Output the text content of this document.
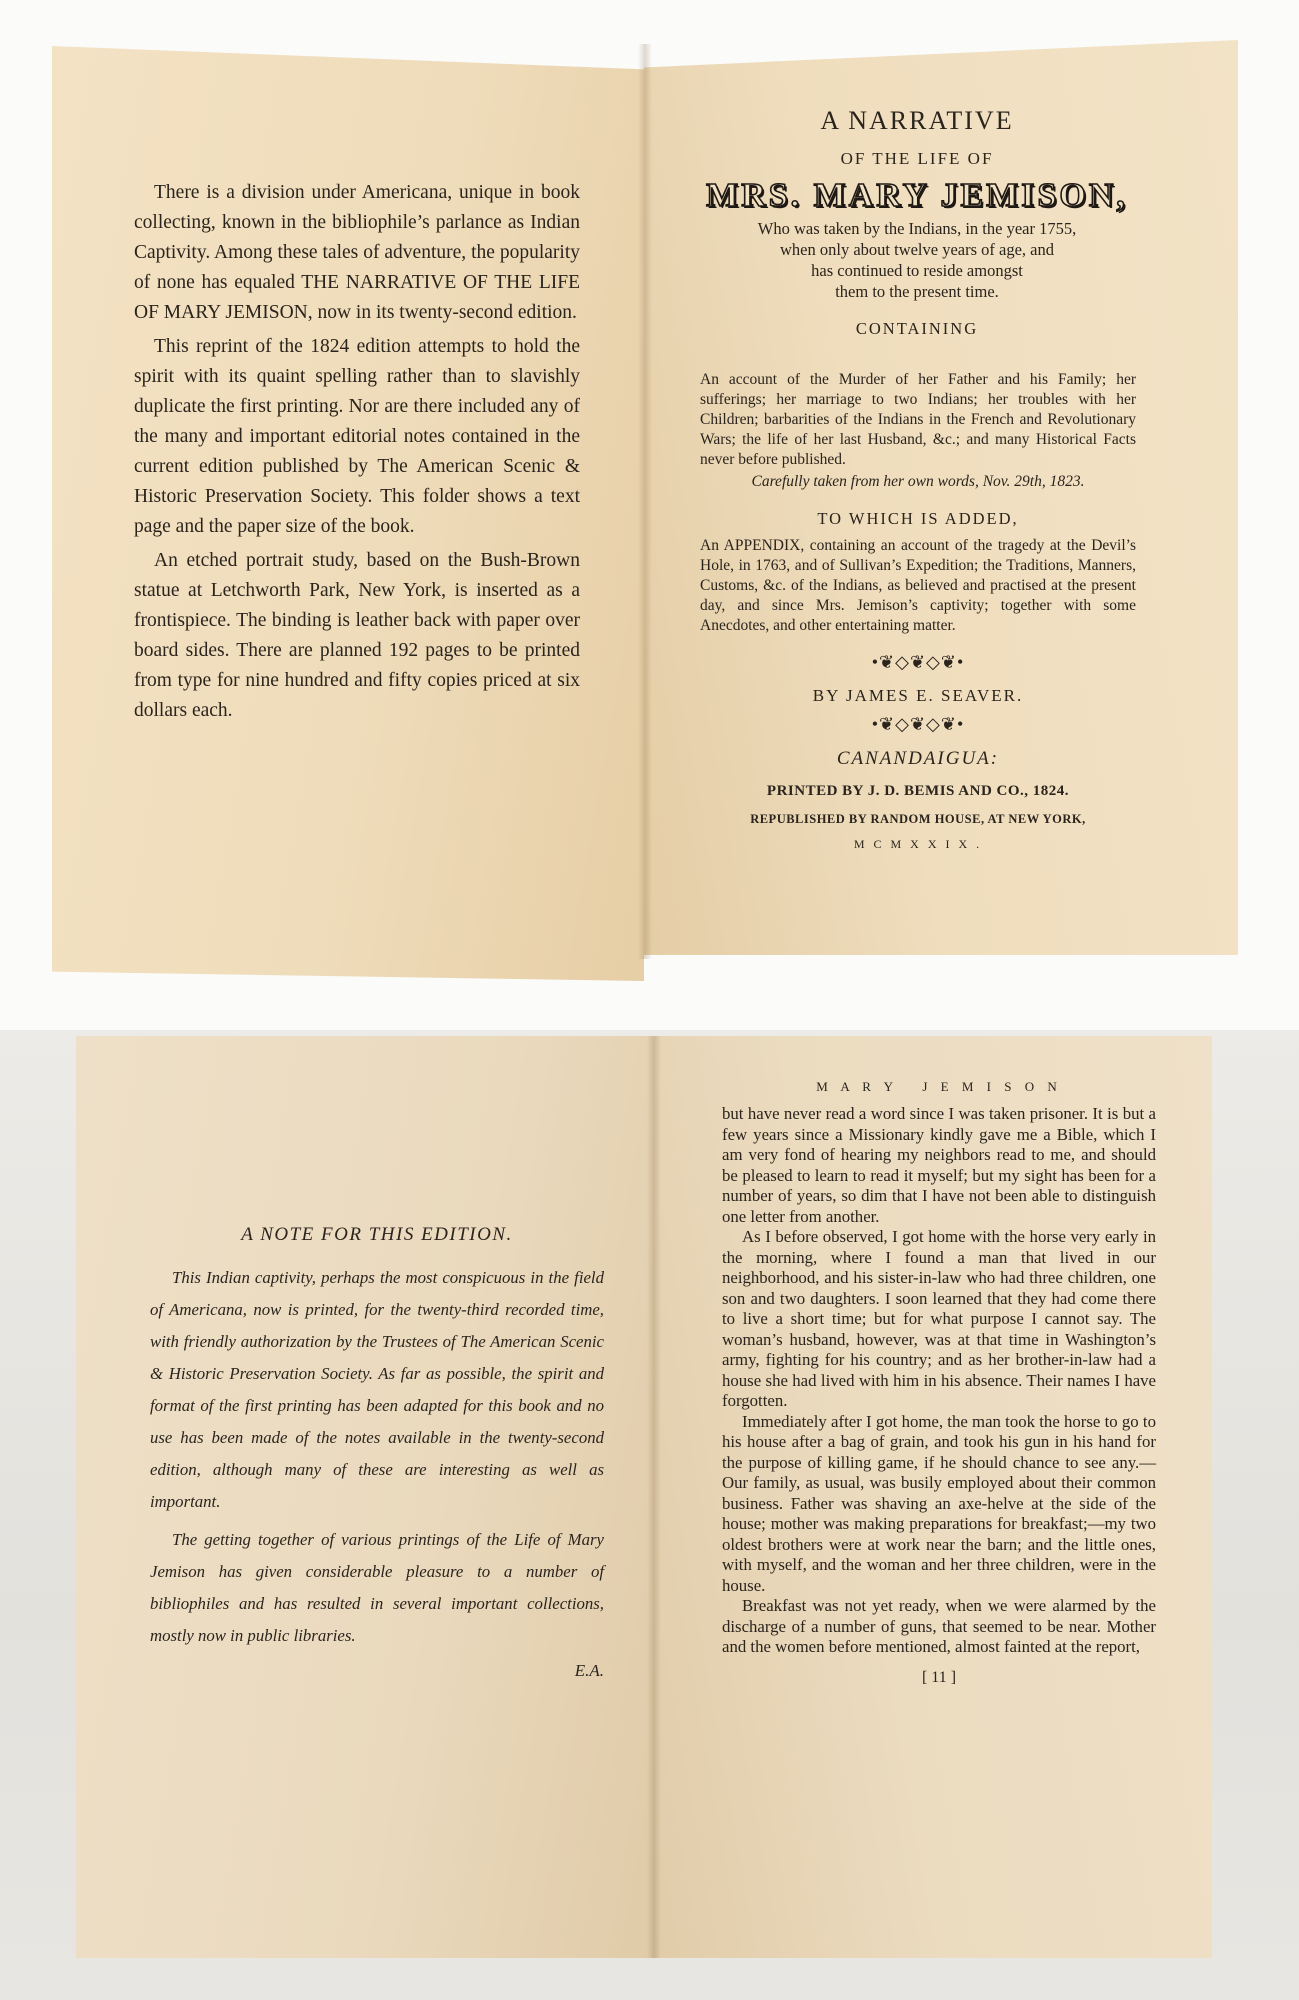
There is a division under Americana, unique in book collecting, known in the bibliophile’s parlance as Indian Captivity. Among these tales of adventure, the popularity of none has equaled THE NARRATIVE OF THE LIFE OF MARY JEMISON, now in its twenty-second edition.

This reprint of the 1824 edition attempts to hold the spirit with its quaint spelling rather than to slavishly duplicate the first printing. Nor are there included any of the many and important editorial notes contained in the current edition published by The American Scenic & Historic Preservation Society. This folder shows a text page and the paper size of the book.

An etched portrait study, based on the Bush-Brown statue at Letchworth Park, New York, is inserted as a frontispiece. The binding is leather back with paper over board sides. There are planned 192 pages to be printed from type for nine hundred and fifty copies priced at six dollars each.

A NARRATIVE
OF THE LIFE OF
MRS. MARY JEMISON,
Who was taken by the Indians, in the year 1755,
when only about twelve years of age, and
has continued to reside amongst
them to the present time.
CONTAINING

An account of the Murder of her Father and his Family; her sufferings; her marriage to two Indians; her troubles with her Children; barbarities of the Indians in the French and Revolutionary Wars; the life of her last Husband, &c.; and many Historical Facts never before published.

Carefully taken from her own words, Nov. 29th, 1823.

TO WHICH IS ADDED,

An APPENDIX, containing an account of the tragedy at the Devil’s Hole, in 1763, and of Sullivan’s Expedition; the Traditions, Manners, Customs, &c. of the Indians, as believed and practised at the present day, and since Mrs. Jemison’s captivity; together with some Anecdotes, and other entertaining matter.

•❦◇❦◇❦•
BY JAMES E. SEAVER.
•❦◇❦◇❦•
CANANDAIGUA:
PRINTED BY J. D. BEMIS AND CO., 1824.
REPUBLISHED BY RANDOM HOUSE, AT NEW YORK,
M C M X X I X .
A NOTE FOR THIS EDITION.

This Indian captivity, perhaps the most conspicuous in the field of Americana, now is printed, for the twenty-third recorded time, with friendly authorization by the Trustees of The American Scenic & Historic Preservation Society. As far as possible, the spirit and format of the first printing has been adapted for this book and no use has been made of the notes available in the twenty-second edition, although many of these are interesting as well as important.

The getting together of various printings of the Life of Mary Jemison has given considerable pleasure to a number of bibliophiles and has resulted in several important collections, mostly now in public libraries.

E.A.
M A R Y   J E M I S O N

but have never read a word since I was taken prisoner. It is but a few years since a Missionary kindly gave me a Bible, which I am very fond of hearing my neighbors read to me, and should be pleased to learn to read it myself; but my sight has been for a number of years, so dim that I have not been able to distinguish one letter from another.

As I before observed, I got home with the horse very early in the morning, where I found a man that lived in our neighborhood, and his sister-in-law who had three children, one son and two daughters. I soon learned that they had come there to live a short time; but for what purpose I cannot say. The woman’s husband, however, was at that time in Washington’s army, fighting for his country; and as her brother-in-law had a house she had lived with him in his absence. Their names I have forgotten.

Immediately after I got home, the man took the horse to go to his house after a bag of grain, and took his gun in his hand for the purpose of killing game, if he should chance to see any.—Our family, as usual, was busily employed about their common business. Father was shaving an axe-helve at the side of the house; mother was making preparations for breakfast;—my two oldest brothers were at work near the barn; and the little ones, with myself, and the woman and her three children, were in the house.

Breakfast was not yet ready, when we were alarmed by the discharge of a number of guns, that seemed to be near. Mother and the women before mentioned, almost fainted at the report,

[ 11 ]
